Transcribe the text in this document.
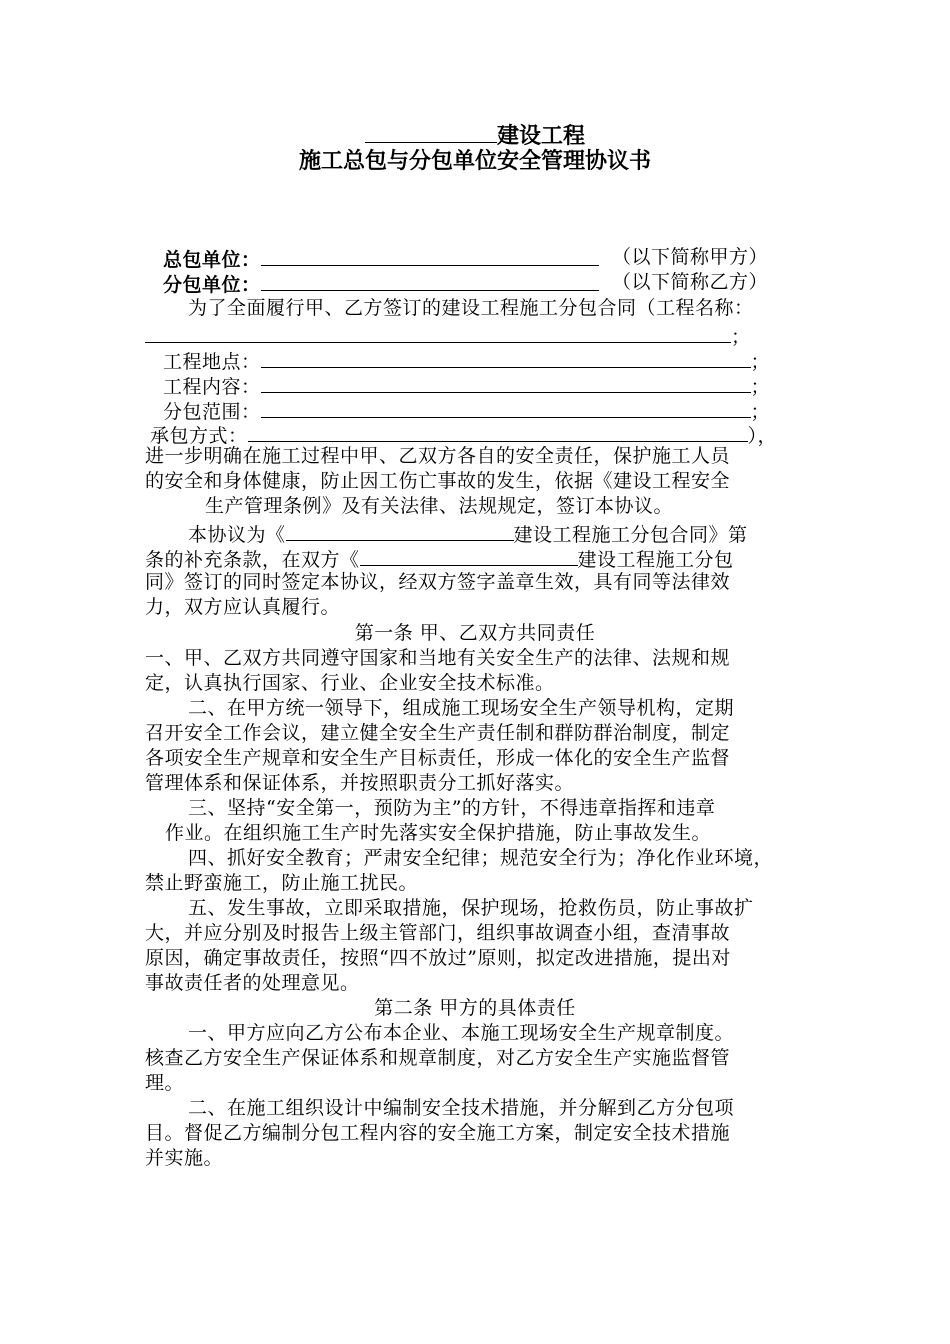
建设工程
施工总包与分包单位安全管理协议书
总包单位：	（以下简称甲方）
分包单位：	（以下简称乙方）
为了全面履行甲、乙方签订的建设工程施工分包合同（工程名称：
；
工程地点：	；
工程内容：	；
分包范围：	；
承包方式：	），
进一步明确在施工过程中甲、乙双方各自的安全责任，保护施工人员
的安全和身体健康，防止因工伤亡事故的发生，依据《建设工程安全
生产管理条例》及有关法律、法规规定，签订本协议。
本协议为《	建设工程施工分包合同》第
条的补充条款，在双方《	建设工程施工分包
同》签订的同时签定本协议，经双方签字盖章生效，具有同等法律效
力，双方应认真履行。
第一条 甲、乙双方共同责任
一、甲、乙双方共同遵守国家和当地有关安全生产的法律、法规和规
定，认真执行国家、行业、企业安全技术标准。
二、在甲方统一领导下，组成施工现场安全生产领导机构，定期
召开安全工作会议，建立健全安全生产责任制和群防群治制度，制定
各项安全生产规章和安全生产目标责任，形成一体化的安全生产监督
管理体系和保证体系，并按照职责分工抓好落实。
三、坚持“安全第一，预防为主”的方针，不得违章指挥和违章
作业。在组织施工生产时先落实安全保护措施，防止事故发生。
四、抓好安全教育；严肃安全纪律；规范安全行为；净化作业环境，
禁止野蛮施工，防止施工扰民。
五、发生事故，立即采取措施，保护现场，抢救伤员，防止事故扩
大，并应分别及时报告上级主管部门，组织事故调查小组，查清事故
原因，确定事故责任，按照“四不放过”原则，拟定改进措施，提出对
事故责任者的处理意见。
第二条 甲方的具体责任
一、甲方应向乙方公布本企业、本施工现场安全生产规章制度。
核查乙方安全生产保证体系和规章制度，对乙方安全生产实施监督管
理。
二、在施工组织设计中编制安全技术措施，并分解到乙方分包项
目。督促乙方编制分包工程内容的安全施工方案，制定安全技术措施
并实施。
